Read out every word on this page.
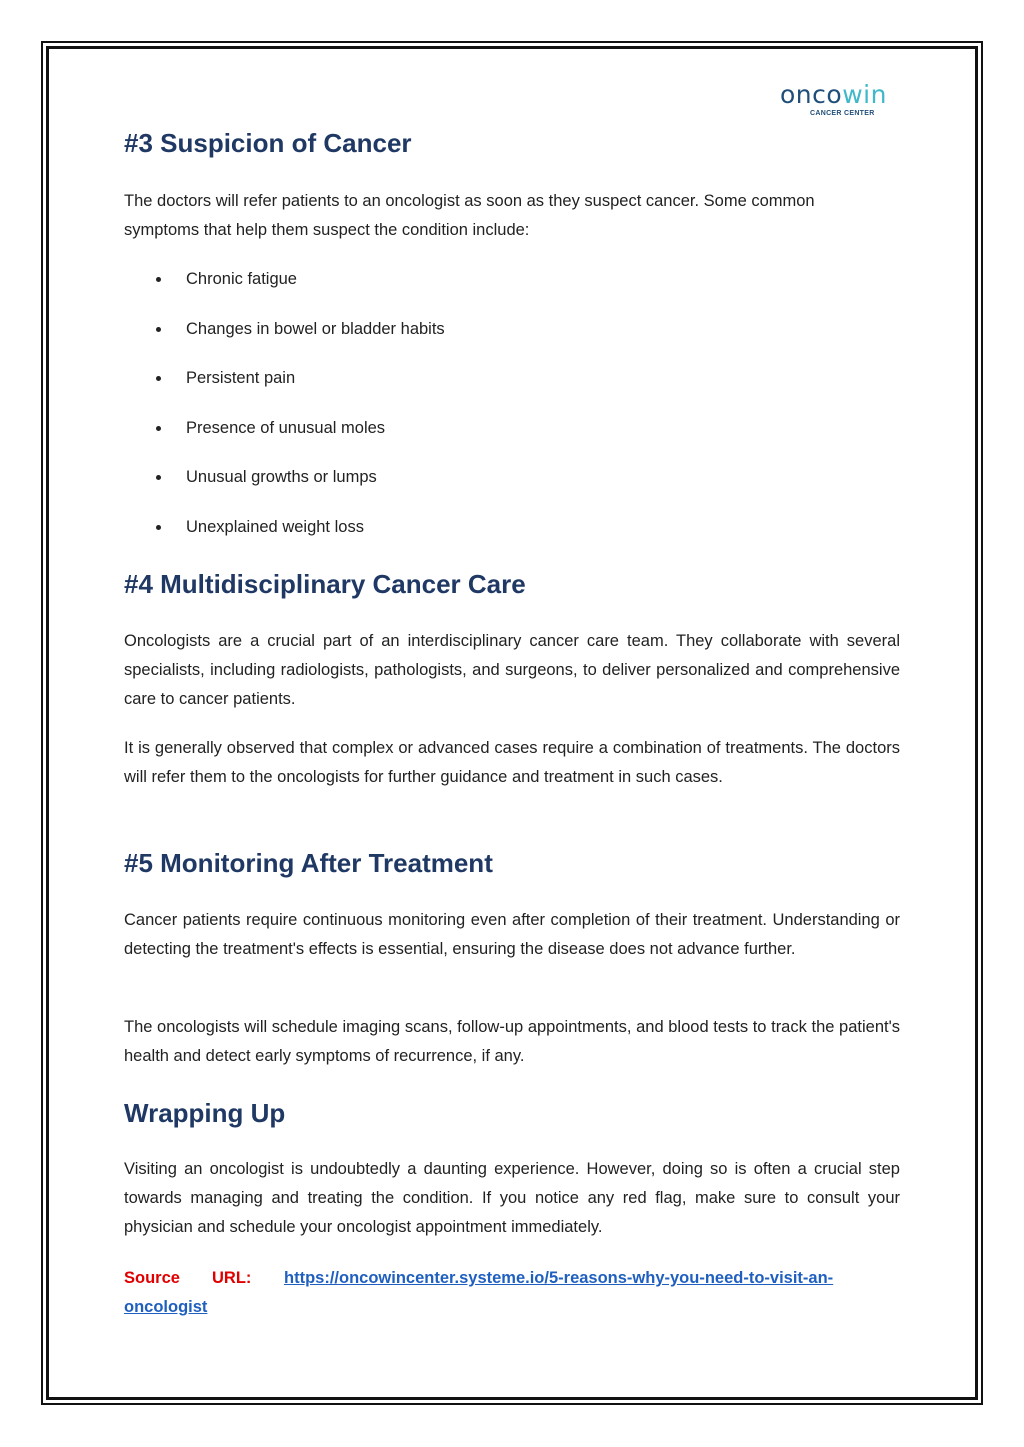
oncowin
CANCER CENTER
#3 Suspicion of Cancer

The doctors will refer patients to an oncologist as soon as they suspect cancer. Some common

symptoms that help them suspect the condition include:

Chronic fatigue
Changes in bowel or bladder habits
Persistent pain
Presence of unusual moles
Unusual growths or lumps
Unexplained weight loss
#4 Multidisciplinary Cancer Care

Oncologists are a crucial part of an interdisciplinary cancer care team. They collaborate with several specialists, including radiologists, pathologists, and surgeons, to deliver personalized and comprehensive care to cancer patients.

It is generally observed that complex or advanced cases require a combination of treatments. The doctors will refer them to the oncologists for further guidance and treatment in such cases.

#5 Monitoring After Treatment

Cancer patients require continuous monitoring even after completion of their treatment. Understanding or detecting the treatment's effects is essential, ensuring the disease does not advance further.

The oncologists will schedule imaging scans, follow-up appointments, and blood tests to track the patient's health and detect early symptoms of recurrence, if any.

Wrapping Up

Visiting an oncologist is undoubtedly a daunting experience. However, doing so is often a crucial step towards managing and treating the condition. If you notice any red flag, make sure to consult your physician and schedule your oncologist appointment immediately.

Source URL: https://oncowincenter.systeme.io/5-reasons-why-you-need-to-visit-an-
oncologist
